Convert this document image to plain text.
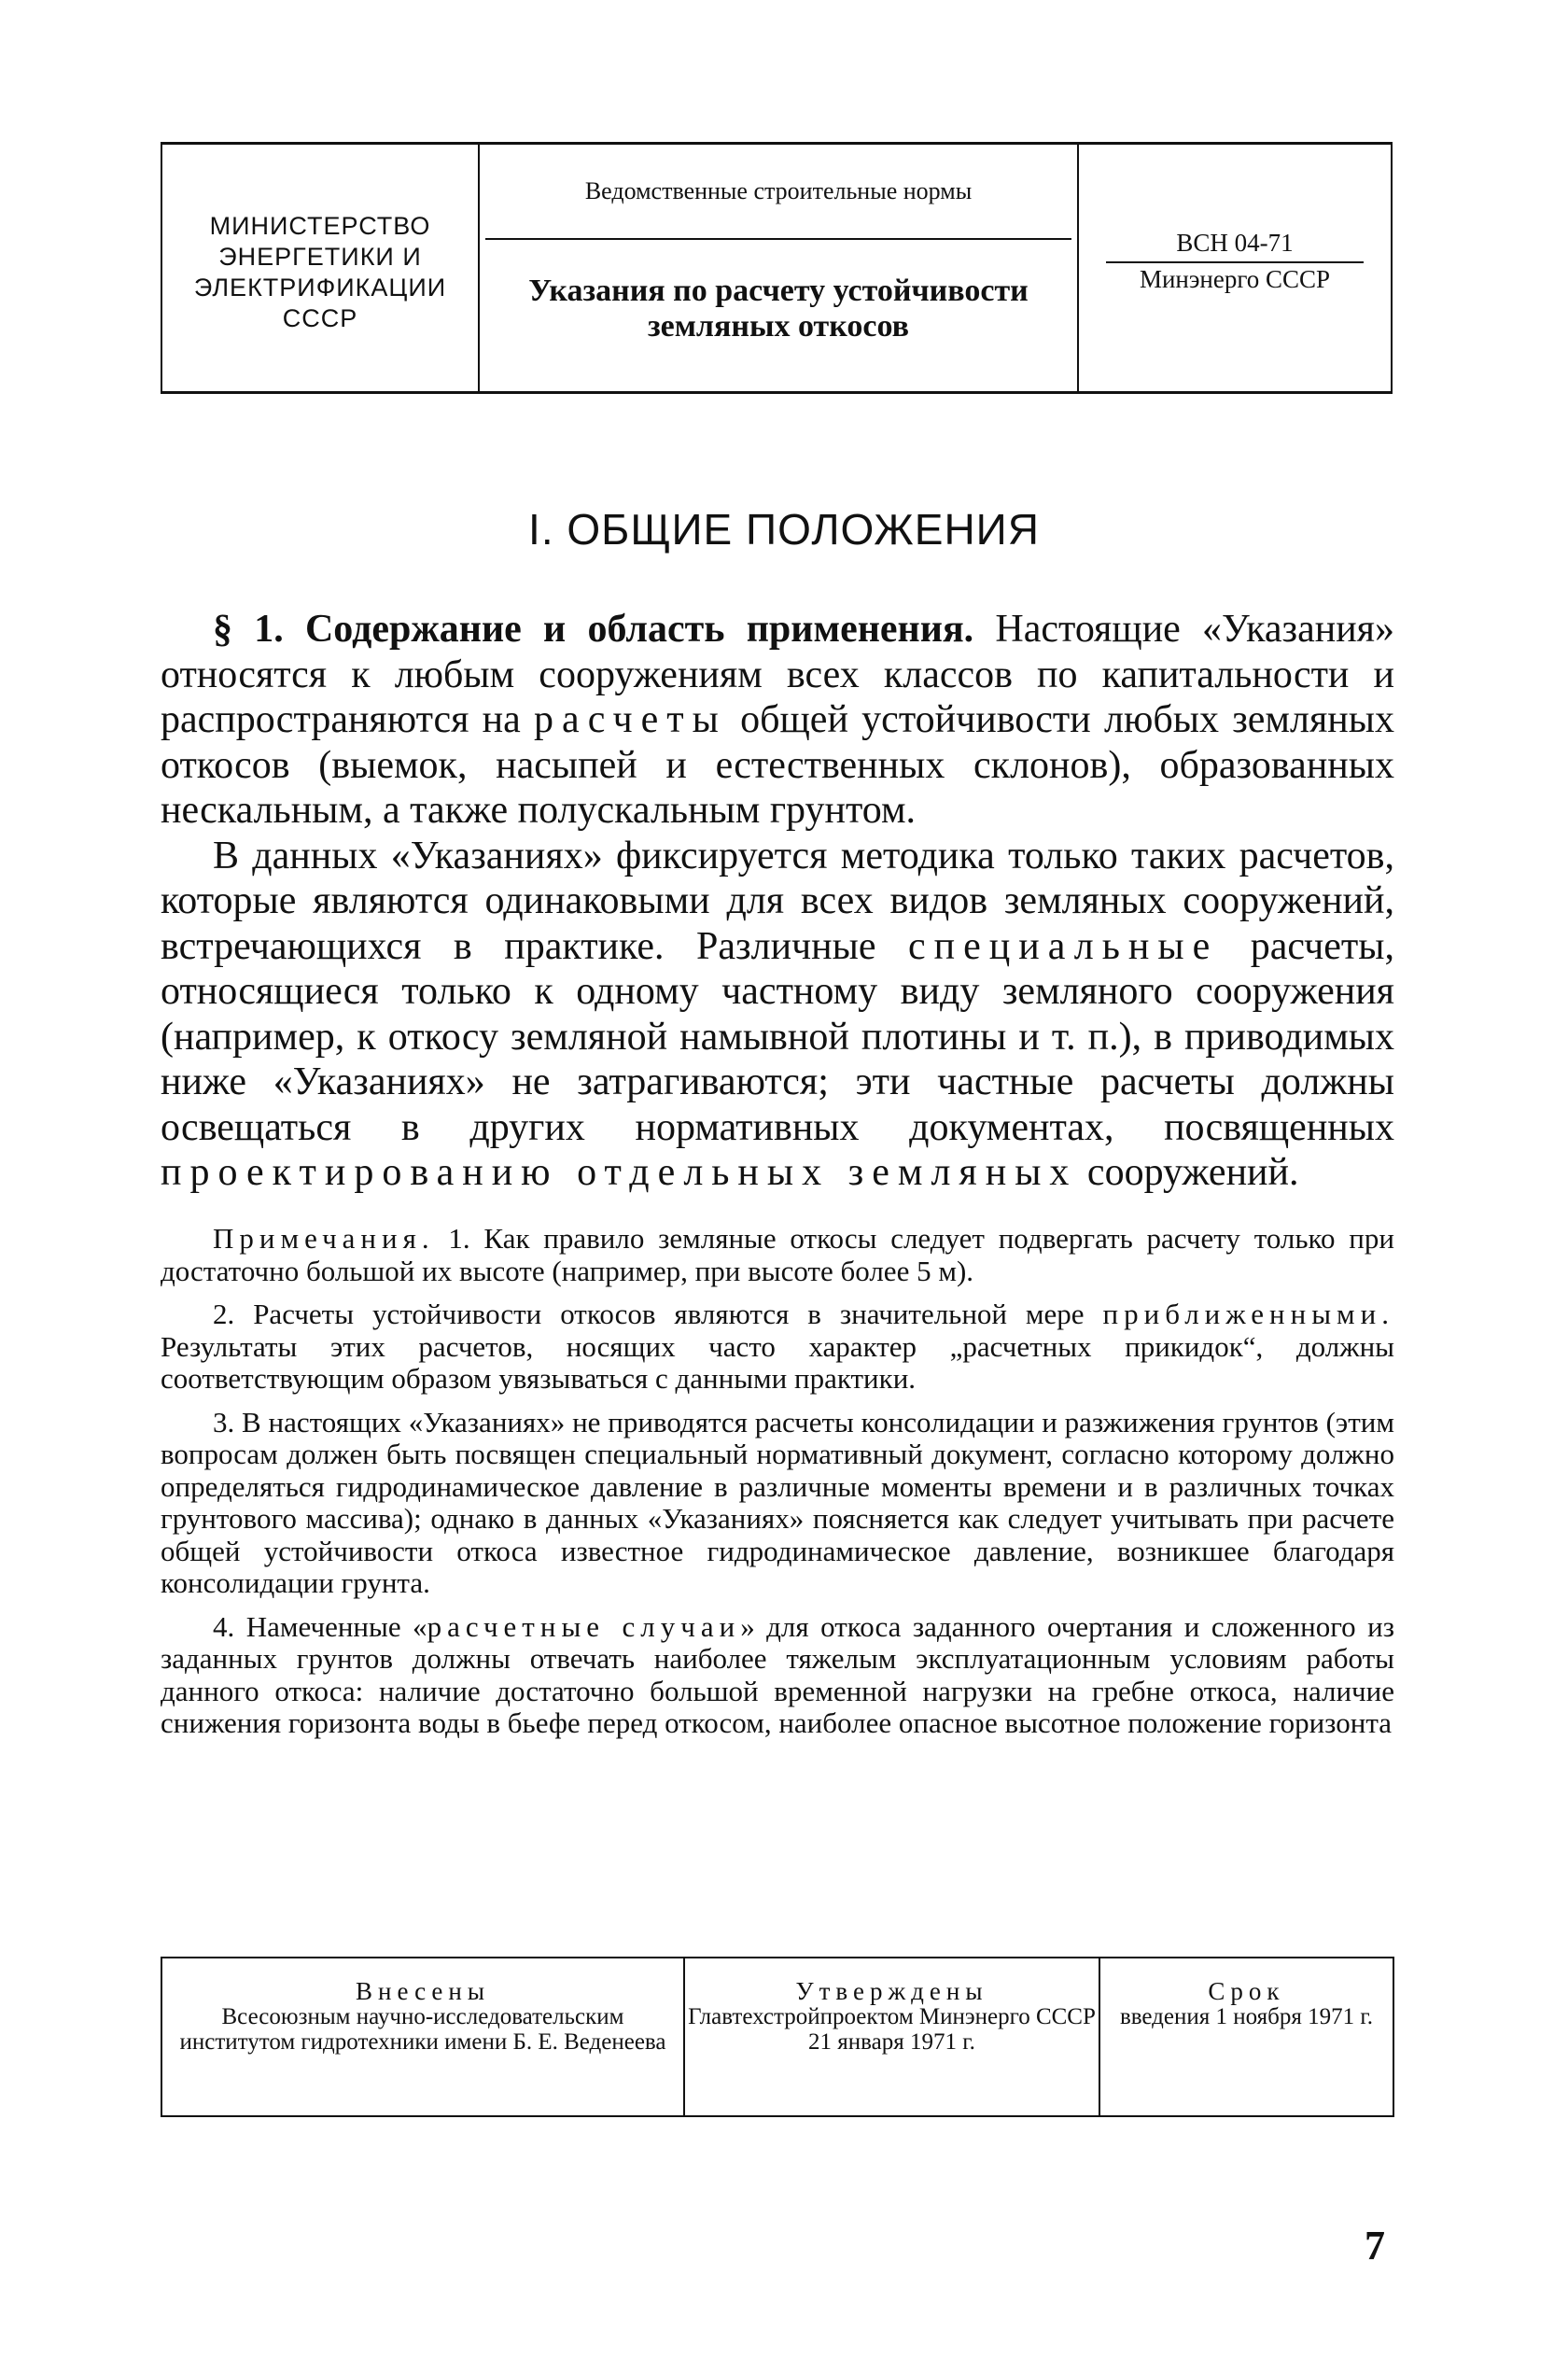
МИНИСТЕРСТВО ЭНЕРГЕТИКИ И ЭЛЕКТРИФИКАЦИИ СССР
Ведомственные строительные нормы
Указания по расчету устойчивости земляных откосов
ВСН 04-71
Минэнерго СССР
I. ОБЩИЕ ПОЛОЖЕНИЯ

§ 1. Содержание и область применения. Настоящие «Указания» относятся к любым сооружениям всех классов по капитальности и распространяются на расчеты общей устойчивости любых земляных откосов (выемок, насыпей и естественных склонов), образованных нескальным, а также полускальным грунтом.

В данных «Указаниях» фиксируется методика только таких расчетов, которые являются одинаковыми для всех видов земляных сооружений, встречающихся в практике. Различные специальные расчеты, относящиеся только к одному частному виду земляного сооружения (например, к откосу земляной намывной плотины и т. п.), в приводимых ниже «Указаниях» не затрагиваются; эти частные расчеты должны освещаться в других нормативных документах, посвященных проектированию отдельных земляных сооружений.

Примечания. 1. Как правило земляные откосы следует подвергать расчету только при достаточно большой их высоте (например, при высоте более 5 м).

2. Расчеты устойчивости откосов являются в значительной мере приближенными. Результаты этих расчетов, носящих часто характер „расчетных прикидок“, должны соответствующим образом увязываться с данными практики.

3. В настоящих «Указаниях» не приводятся расчеты консолидации и разжижения грунтов (этим вопросам должен быть посвящен специальный нормативный документ, согласно которому должно определяться гидродинамическое давление в различные моменты времени и в различных точках грунтового массива); однако в данных «Указаниях» поясняется как следует учитывать при расчете общей устойчивости откоса известное гидродинамическое давление, возникшее благодаря консолидации грунта.

4. Намеченные «расчетные случаи» для откоса заданного очертания и сложенного из заданных грунтов должны отвечать наиболее тяжелым эксплуатационным условиям работы данного откоса: наличие достаточно большой временной нагрузки на гребне откоса, наличие снижения горизонта воды в бьефе перед откосом, наиболее опасное высотное положение горизонта

Внесены
Всесоюзным научно-исследовательским институтом гидротехники имени Б. Е. Веденеева
Утверждены
Главтехстройпроектом Минэнерго СССР 21 января 1971 г.
Срок
введения 1 ноября 1971 г.
7
